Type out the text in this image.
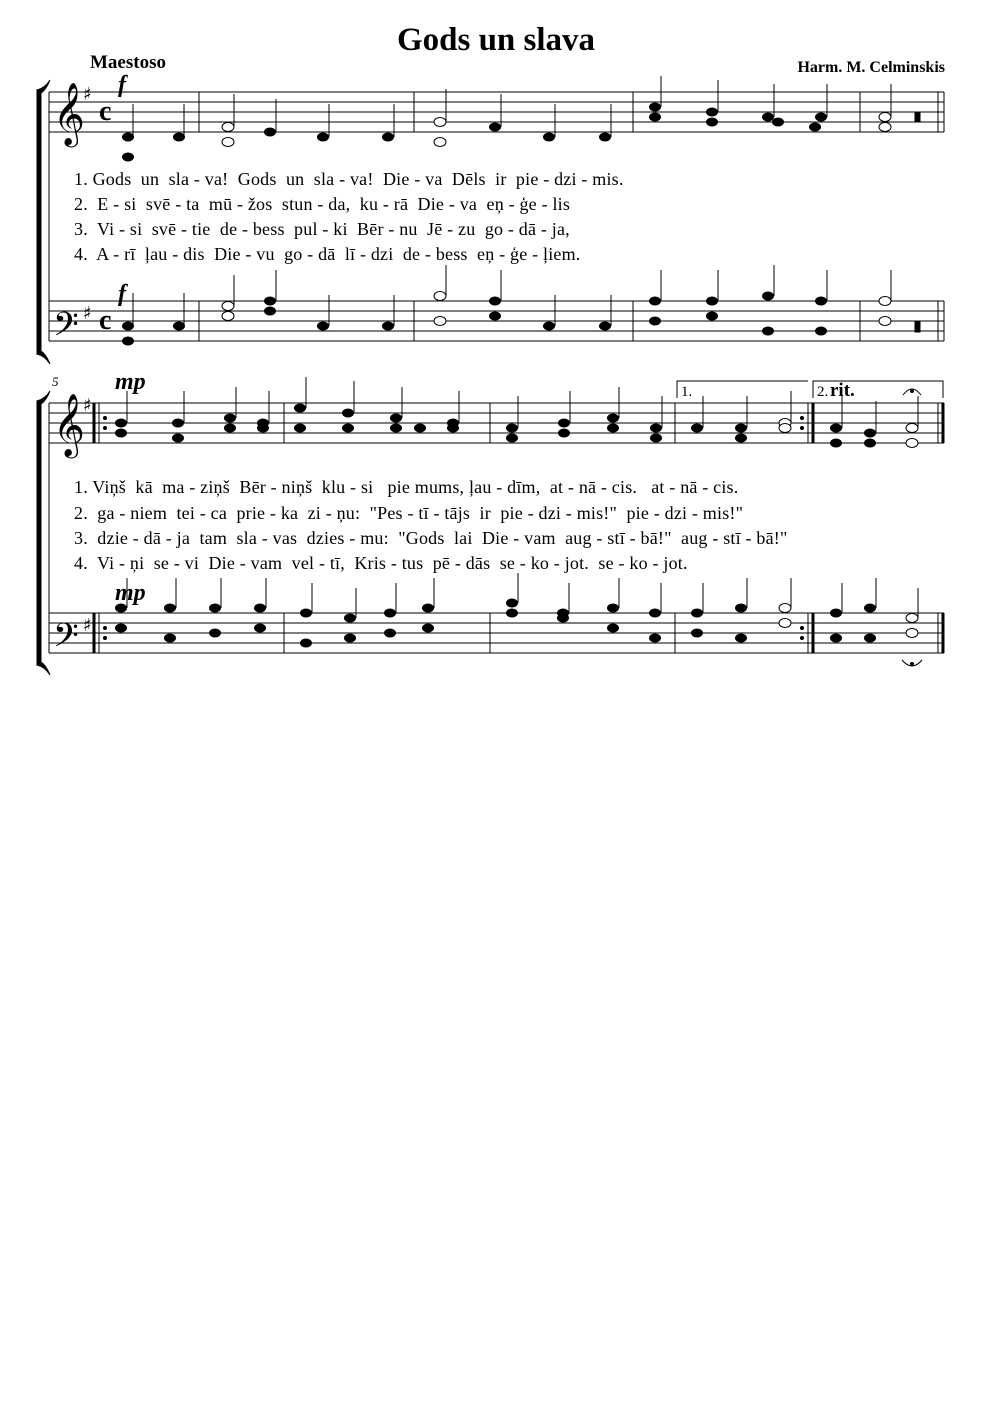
Gods un slava
Maestoso	Harm. M. Celminskis
𝄞
𝄢
𝄞
𝄢
♯
♯
♯
♯
c
c
f
f
mp
mp
5
1.	2. rit.
1. Gods  un  sla - va!  Gods  un  sla - va!  Die - va  Dēls  ir  pie - dzi - mis.
2.  E - si  svē - ta  mū - žos  stun - da,  ku - rā  Die - va  eņ - ģe - lis
3.  Vi - si  svē - tie  de - bess  pul - ki  Bēr - nu  Jē - zu  go - dā - ja,
4.  A - rī  ļau - dis  Die - vu  go - dā  lī - dzi  de - bess  eņ - ģe - ļiem.
1. Viņš  kā  ma - ziņš  Bēr - niņš  klu - si   pie mums, ļau - dīm,  at - nā - cis.   at - nā - cis.
2.  ga - niem  tei - ca  prie - ka  zi - ņu:  "Pes - tī - tājs  ir  pie - dzi - mis!"  pie - dzi - mis!"
3.  dzie - dā - ja  tam  sla - vas  dzies - mu:  "Gods  lai  Die - vam  aug - stī - bā!"  aug - stī - bā!"
4.  Vi - ņi  se - vi  Die - vam  vel - tī,  Kris - tus  pē - dās  se - ko - jot.  se - ko - jot.
